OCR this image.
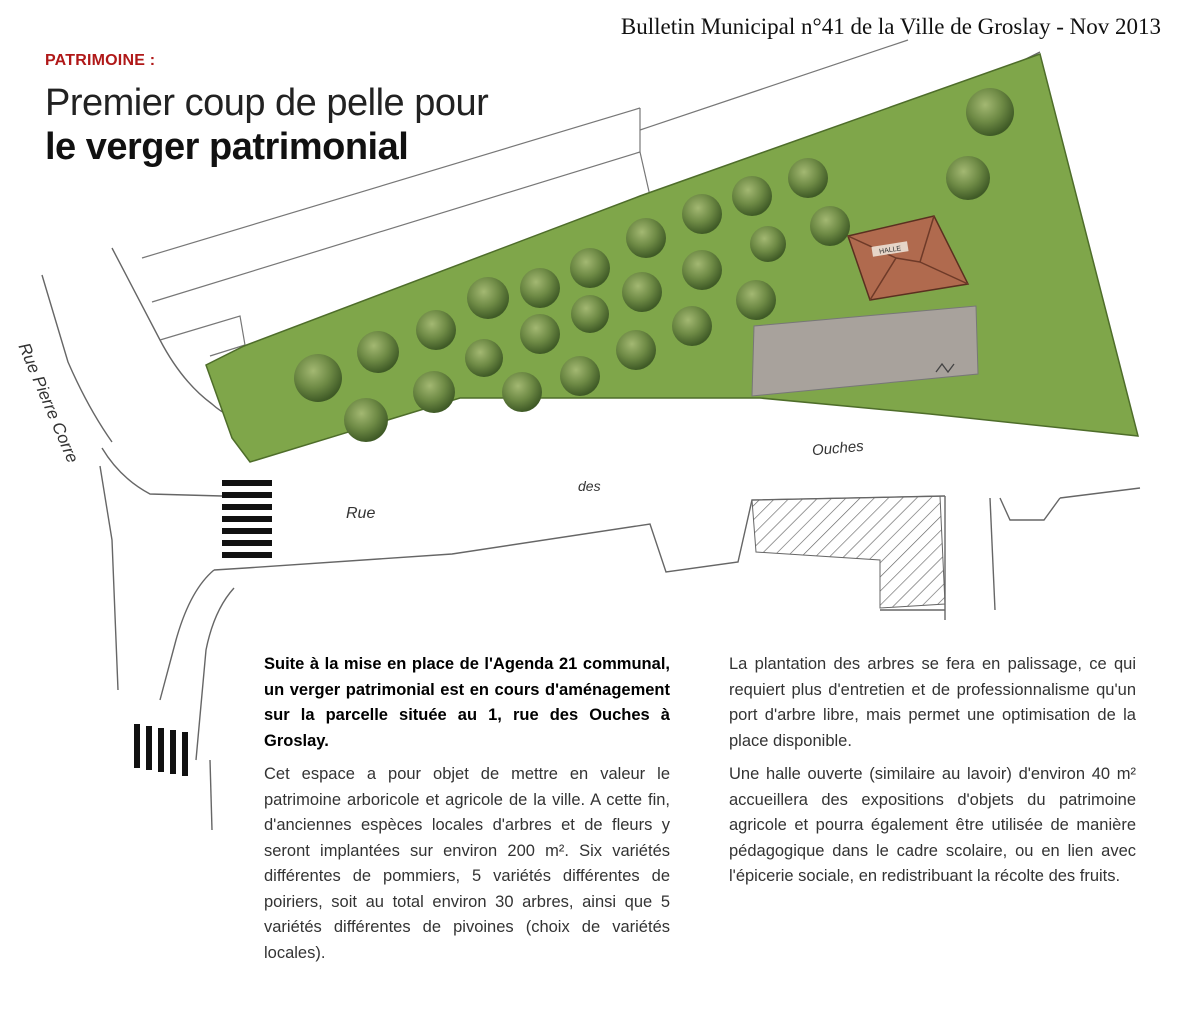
Bulletin Municipal n°41 de la Ville de Groslay - Nov 2013
PATRIMOINE :
Premier coup de pelle pour
le verger patrimonial
HALLE
Rue Pierre Corre
Rue
des
Ouches

Suite à la mise en place de l'Agenda 21 communal, un verger patrimonial est en cours d'aménagement sur la parcelle située au 1, rue des Ouches à Groslay.

Cet espace a pour objet de mettre en valeur le patrimoine arboricole et agricole de la ville. A cette fin, d'anciennes espèces locales d'arbres et de fleurs y seront implantées sur environ 200 m². Six variétés différentes de pommiers, 5 variétés différentes de poiriers, soit au total environ 30 arbres, ainsi que 5 variétés différentes de pivoines (choix de variétés locales).

La plantation des arbres se fera en palissage, ce qui requiert plus d'entretien et de professionnalisme qu'un port d'arbre libre, mais permet une optimisation de la place disponible.

Une halle ouverte (similaire au lavoir) d'environ 40 m² accueillera des expositions d'objets du patrimoine agricole et pourra également être utilisée de manière pédagogique dans le cadre scolaire, ou en lien avec l'épicerie sociale, en redistribuant la récolte des fruits.
